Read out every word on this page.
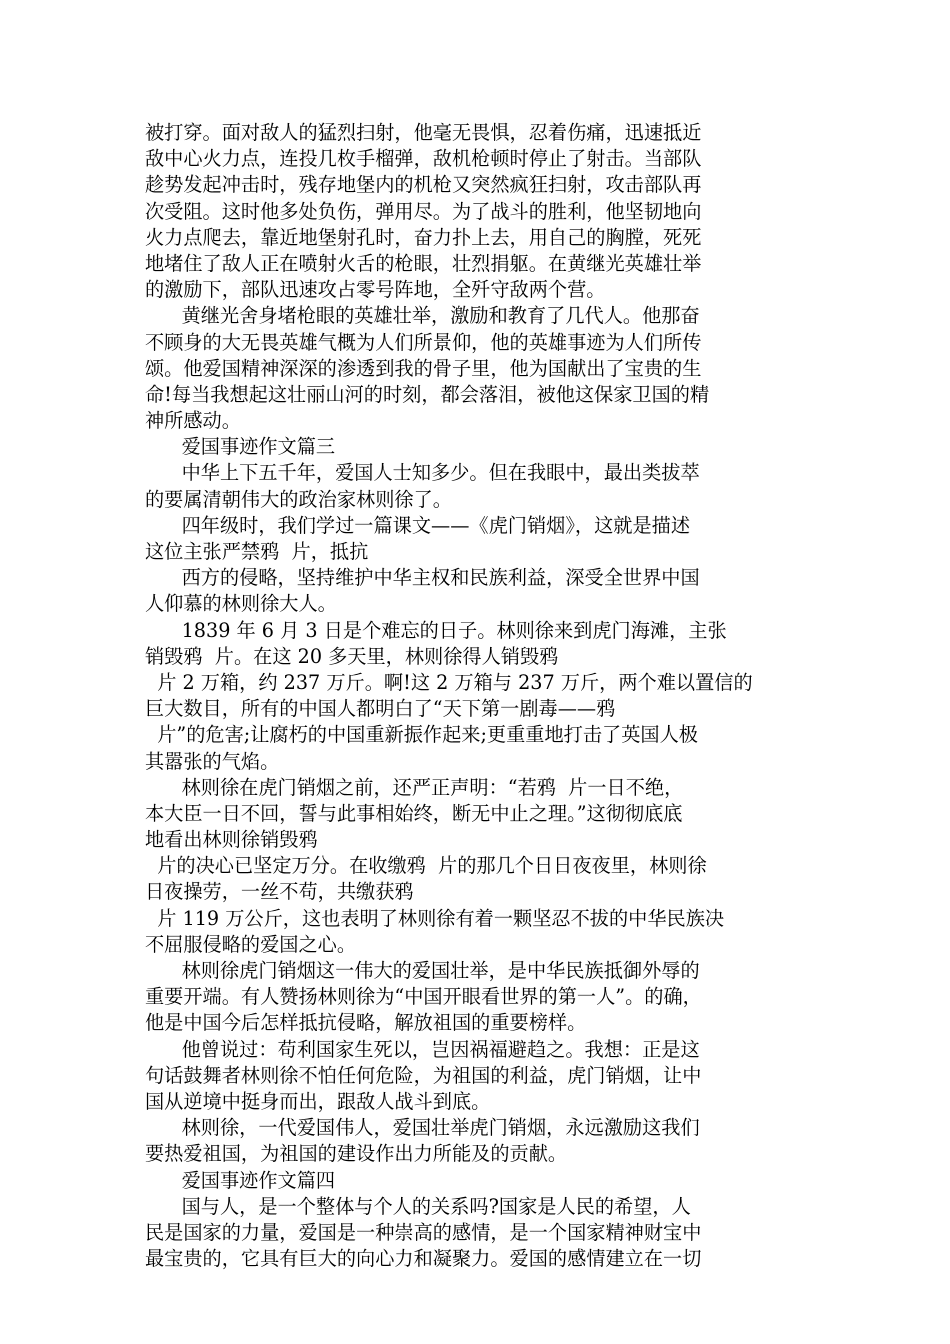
被打穿。面对敌人的猛烈扫射，他毫无畏惧，忍着伤痛，迅速抵近
敌中心火力点，连投几枚手榴弹，敌机枪顿时停止了射击。当部队
趁势发起冲击时，残存地堡内的机枪又突然疯狂扫射，攻击部队再
次受阻。这时他多处负伤，弹用尽。为了战斗的胜利，他坚韧地向
火力点爬去，靠近地堡射孔时，奋力扑上去，用自己的胸膛，死死
地堵住了敌人正在喷射火舌的枪眼，壮烈捐躯。在黄继光英雄壮举
的激励下，部队迅速攻占零号阵地，全歼守敌两个营。
黄继光舍身堵枪眼的英雄壮举，激励和教育了几代人。他那奋
不顾身的大无畏英雄气概为人们所景仰，他的英雄事迹为人们所传
颂。他爱国精神深深的渗透到我的骨子里，他为国献出了宝贵的生
命!每当我想起这壮丽山河的时刻，都会落泪，被他这保家卫国的精
神所感动。
爱国事迹作文篇三
中华上下五千年，爱国人士知多少。但在我眼中，最出类拔萃
的要属清朝伟大的政治家林则徐了。
四年级时，我们学过一篇课文——《虎门销烟》，这就是描述
这位主张严禁鸦  片，抵抗
西方的侵略，坚持维护中华主权和民族利益，深受全世界中国
人仰慕的林则徐大人。
1839 年 6 月 3 日是个难忘的日子。林则徐来到虎门海滩，主张
销毁鸦  片。在这 20 多天里，林则徐得人销毁鸦
片 2 万箱，约 237 万斤。啊!这 2 万箱与 237 万斤，两个难以置信的
巨大数目，所有的中国人都明白了“天下第一剧毒——鸦
片”的危害;让腐朽的中国重新振作起来;更重重地打击了英国人极
其嚣张的气焰。
林则徐在虎门销烟之前，还严正声明：“若鸦  片一日不绝，
本大臣一日不回，誓与此事相始终，断无中止之理。”这彻彻底底
地看出林则徐销毁鸦
片的决心已坚定万分。在收缴鸦  片的那几个日日夜夜里，林则徐
日夜操劳，一丝不苟，共缴获鸦
片 119 万公斤，这也表明了林则徐有着一颗坚忍不拔的中华民族决
不屈服侵略的爱国之心。
林则徐虎门销烟这一伟大的爱国壮举，是中华民族抵御外辱的
重要开端。有人赞扬林则徐为“中国开眼看世界的第一人”。的确，
他是中国今后怎样抵抗侵略，解放祖国的重要榜样。
他曾说过：苟利国家生死以，岂因祸福避趋之。我想：正是这
句话鼓舞者林则徐不怕任何危险，为祖国的利益，虎门销烟，让中
国从逆境中挺身而出，跟敌人战斗到底。
林则徐，一代爱国伟人，爱国壮举虎门销烟，永远激励这我们
要热爱祖国，为祖国的建设作出力所能及的贡献。
爱国事迹作文篇四
国与人，是一个整体与个人的关系吗?国家是人民的希望，人
民是国家的力量，爱国是一种崇高的感情，是一个国家精神财宝中
最宝贵的，它具有巨大的向心力和凝聚力。爱国的感情建立在一切
